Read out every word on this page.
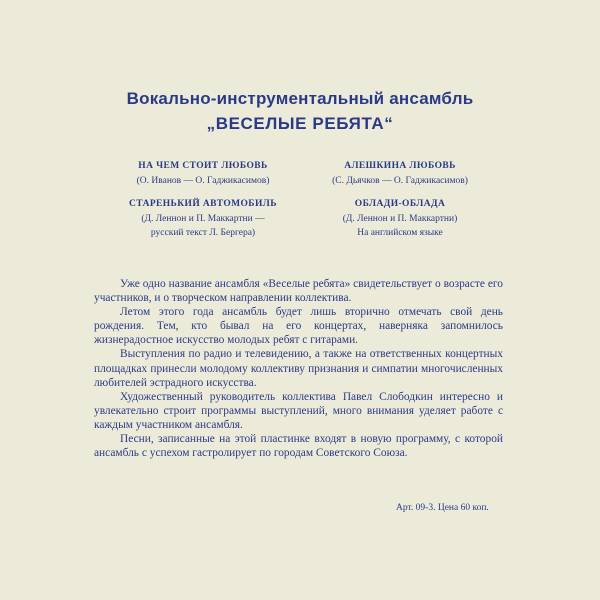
Вокально-инструментальный ансамбль
„ВЕСЕЛЫЕ РЕБЯТА“
НА ЧЕМ СТОИТ ЛЮБОВЬ
(О. Иванов — О. Гаджикасимов)
АЛЕШКИНА ЛЮБОВЬ
(С. Дьячков — О. Гаджикасимов)
СТАРЕНЬКИЙ АВТОМОБИЛЬ
(Д. Леннон и П. Маккартни —
русский текст Л. Бергера)
ОБЛАДИ-ОБЛАДА
(Д. Леннон и П. Маккартни)
На английском языке

Уже одно название ансамбля «Веселые ребята» свидетельствует о возрасте его участников, и о творческом направлении коллектива.

Летом этого года ансамбль будет лишь вторично отмечать свой день рождения. Тем, кто бывал на его концертах, наверняка запомнилось жизнерадостное искусство молодых ребят с гитарами.

Выступления по радио и телевидению, а также на ответственных концертных площадках принесли молодому коллективу признания и симпатии многочисленных любителей эстрадного искусства.

Художественный руководитель коллектива Павел Слободкин интересно и увлекательно строит программы выступлений, много внимания уделяет работе с каждым участником ансамбля.

Песни, записанные на этой пластинке входят в новую программу, с которой ансамбль с успехом гастролирует по городам Советского Союза.

Арт. 09-3. Цена 60 коп.
